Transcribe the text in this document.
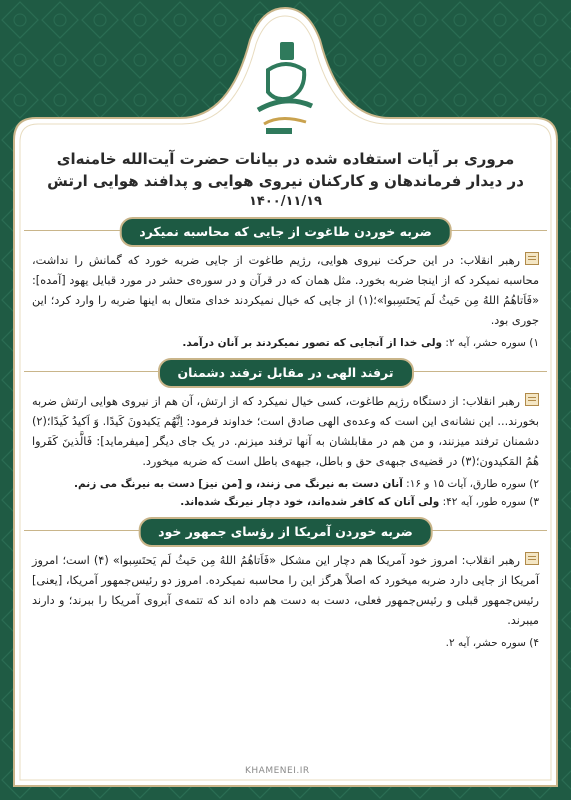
مروری بر آیات استفاده شده در بیانات حضرت آیت‌الله خامنه‌ای

در دیدار فرماندهان و کارکنان نیروی هوایی و پدافند هوایی ارتش

۱۴۰۰/۱۱/۱۹

ضربه خوردن طاغوت از جایی که محاسبه نمیکرد

رهبر انقلاب: در این حرکت نیروی هوایی، رژیم طاغوت از جایی ضربه خورد که گمانش را نداشت، محاسبه نمیکرد که از اینجا ضربه بخورد. مثل همان که در قرآن و در سوره‌ی حشر در مورد قبایل یهود [آمده]: «فَاَتاهُمُ اللهُ مِن حَیثُ لَم یَحتَسِبوا»؛(۱) از جایی که خیال نمیکردند خدای متعال به اینها ضربه را وارد کرد؛ این جوری بود.

۱) سوره حشر، آیه ۲: ولی خدا از آنجایی که تصور نمیکردند بر آنان درآمد.

ترفند الهی در مقابل ترفند دشمنان

رهبر انقلاب: از دستگاه رژیم طاغوت، کسی خیال نمیکرد که از ارتش، آن هم از نیروی هوایی ارتش ضربه بخورند... این نشانه‌ی این است که وعده‌ی الهی صادق است؛ خداوند فرمود: اِنَّهُم یَکیدونَ کَیدًا. وَ اَکیدُ کَیدًا؛(۲) دشمنان ترفند میزنند، و من هم در مقابلشان به آنها ترفند میزنم. در یک جای دیگر [میفرماید]: فَالَّذینَ کَفَروا هُمُ المَکیدون؛(۳) در قضیه‌ی جبهه‌ی حق و باطل، جبهه‌ی باطل است که ضربه میخورد.

۲) سوره طارق، آیات ۱۵ و ۱۶: آنان دست به نیرنگ می زنند، و [من نیز] دست به نیرنگ می زنم.

۳) سوره طور، آیه ۴۲: ولی آنان که کافر شده‌اند، خود دچار نیرنگ شده‌اند.

ضربه خوردن آمریکا از رؤسای جمهور خود

رهبر انقلاب: امروز خود آمریکا هم دچار این مشکل «فَاَتاهُمُ اللهُ مِن حَیثُ لَم یَحتَسِبوا» (۴) است؛ امروز آمریکا از جایی دارد ضربه میخورد که اصلاً هرگز این را محاسبه نمیکرده. امروز دو رئیس‌جمهور آمریکا، [یعنی] رئیس‌جمهور قبلی و رئیس‌جمهور فعلی، دست به دست هم داده اند که تتمه‌ی آبروی آمریکا را ببرند؛ و دارند میبرند.

۴) سوره حشر، آیه ۲.

KHAMENEI.IR
